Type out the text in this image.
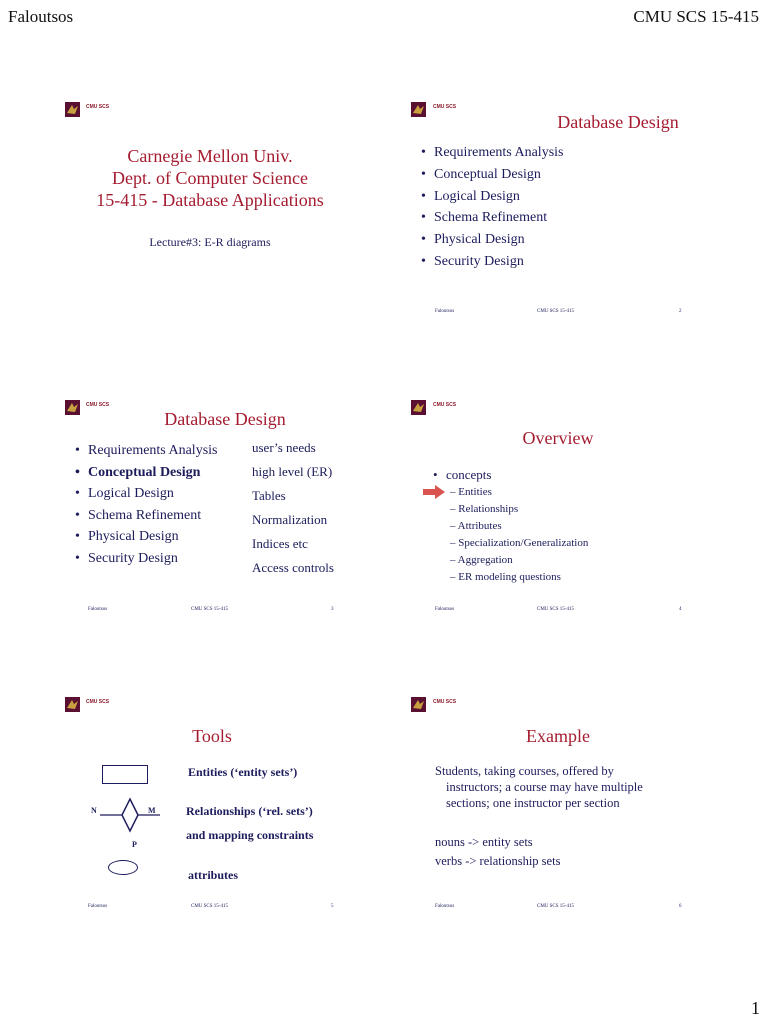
Faloutsos	CMU SCS 15-415
CMU SCS
Carnegie Mellon Univ.
Dept. of Computer Science
15-415 - Database Applications
Lecture#3: E-R diagrams
CMU SCS
Database Design
• Requirements Analysis
• Conceptual Design
• Logical Design
• Schema Refinement
• Physical Design
• Security Design
Faloutsos	CMU SCS 15-415	2
CMU SCS
Database Design
• Requirements Analysis
• Conceptual Design
• Logical Design
• Schema Refinement
• Physical Design
• Security Design
user’s needs
high level (ER)
Tables
Normalization
Indices etc
Access controls
Faloutsos	CMU SCS 15-415	3
CMU SCS
Overview
• concepts
– Entities
– Relationships
– Attributes
– Specialization/Generalization
– Aggregation
– ER modeling questions
Faloutsos	CMU SCS 15-415	4
CMU SCS
Tools
Entities (‘entity sets’)
N	M
P
Relationships (‘rel. sets’)
and mapping constraints
attributes
Faloutsos	CMU SCS 15-415	5
CMU SCS
Example
Students, taking courses, offered by
instructors; a course may have multiple
sections; one instructor per section
nouns -> entity sets
verbs -> relationship sets
Faloutsos	CMU SCS 15-415	6
1
